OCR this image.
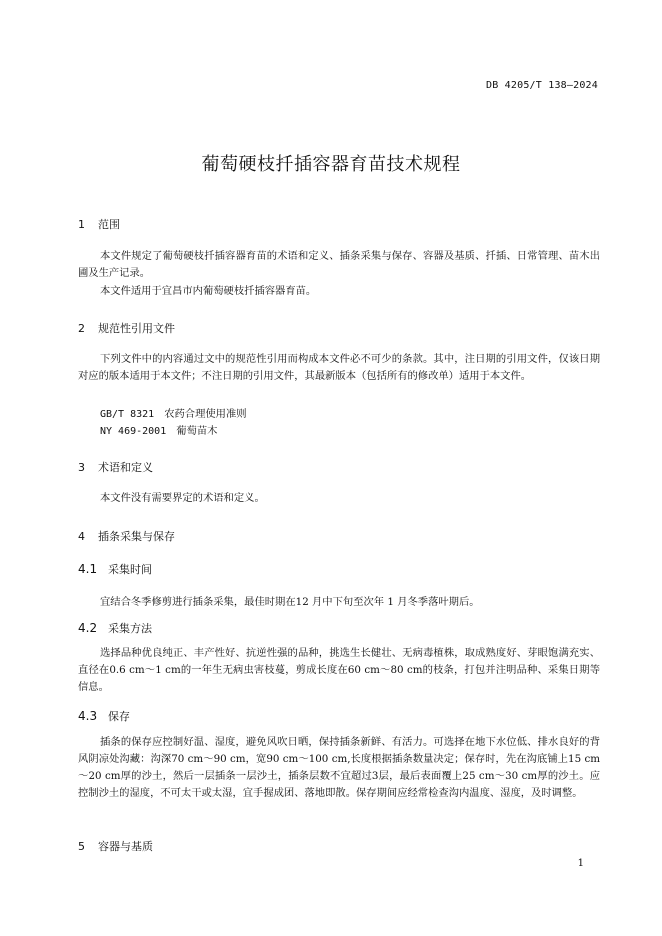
DB 4205/T 138—2024
葡萄硬枝扦插容器育苗技术规程
1 范围

本文件规定了葡萄硬枝扦插容器育苗的术语和定义、插条采集与保存、容器及基质、扦插、日常管理、苗木出圃及生产记录。

本文件适用于宜昌市内葡萄硬枝扦插容器育苗。

2 规范性引用文件

下列文件中的内容通过文中的规范性引用而构成本文件必不可少的条款。其中，注日期的引用文件，仅该日期对应的版本适用于本文件；不注日期的引用文件，其最新版本（包括所有的修改单）适用于本文件。

GB/T 8321 农药合理使用准则
NY 469-2001 葡萄苗木
3 术语和定义

本文件没有需要界定的术语和定义。

4 插条采集与保存
4.1 采集时间

宜结合冬季修剪进行插条采集，最佳时期在12 月中下旬至次年 1 月冬季落叶期后。

4.2 采集方法

选择品种优良纯正、丰产性好、抗逆性强的品种，挑选生长健壮、无病毒植株，取成熟度好、芽眼饱满充实、直径在0.6 cm～1 cm的一年生无病虫害枝蔓，剪成长度在60 cm～80 cm的枝条，打包并注明品种、采集日期等信息。

4.3 保存

插条的保存应控制好温、湿度，避免风吹日晒，保持插条新鲜、有活力。可选择在地下水位低、排水良好的背风阴凉处沟藏：沟深70 cm～90 cm，宽90 cm～100 cm,长度根据插条数量决定；保存时，先在沟底铺上15 cm～20 cm厚的沙土，然后一层插条一层沙土，插条层数不宜超过3层，最后表面覆上25 cm～30 cm厚的沙土。应控制沙土的湿度，不可太干或太湿，宜手握成团、落地即散。保存期间应经常检查沟内温度、湿度，及时调整。

5 容器与基质
1
